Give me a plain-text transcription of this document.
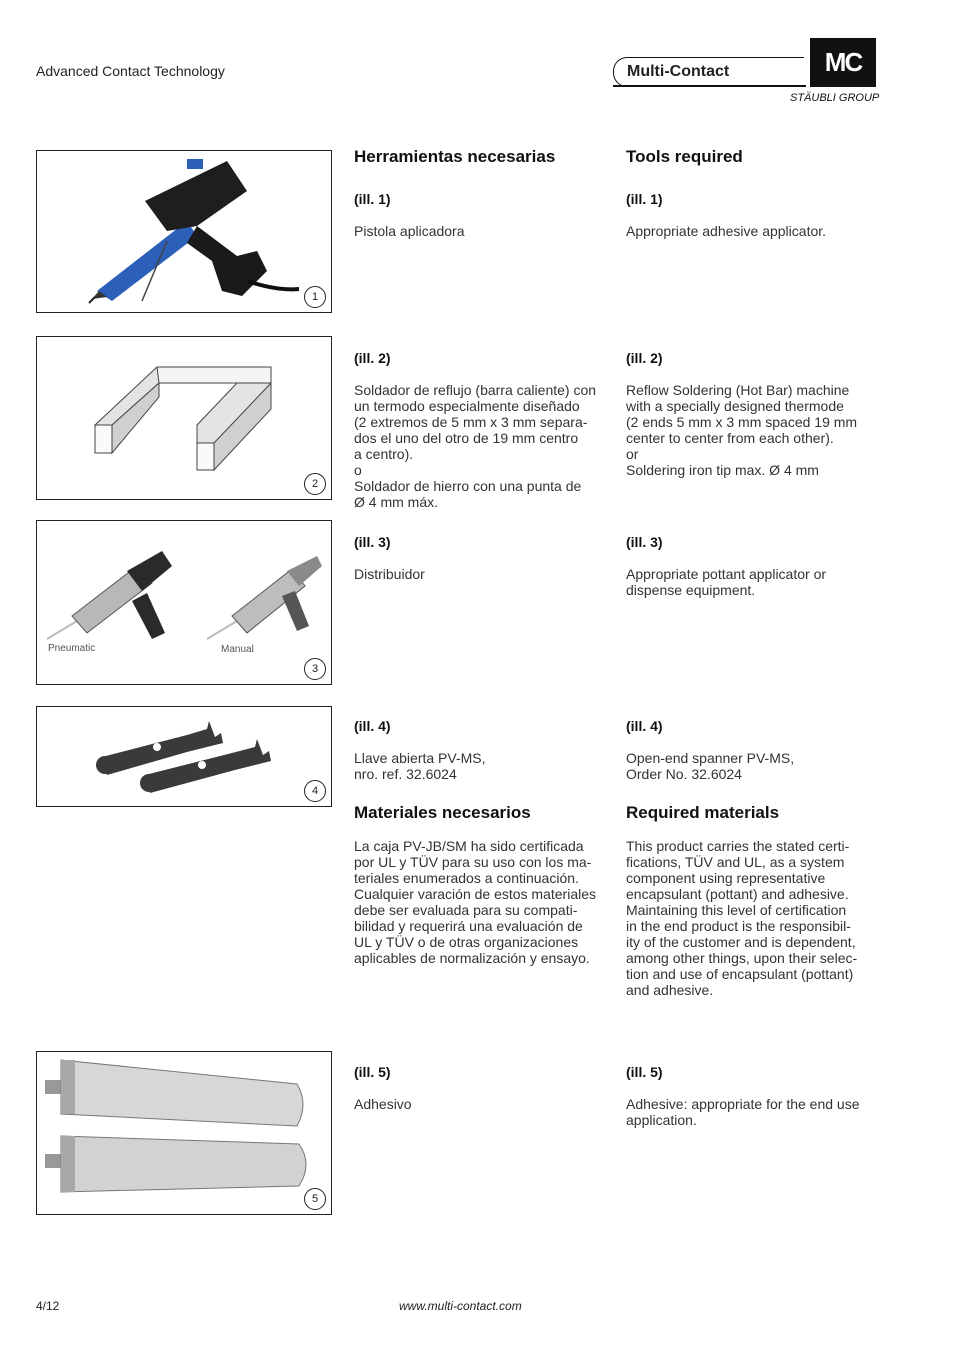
Advanced Contact Technology	Multi-Contact	MC
STÄUBLI GROUP
1
2
Pneumatic	Manual
3
4
5
Herramientas necesarias

(ill. 1)

Pistola aplicadora

(ill. 2)

Soldador de reflujo (barra caliente) con
un termodo especialmente diseñado
(2 extremos de 5 mm x 3 mm separa-
dos el uno del otro de 19 mm centro
a centro).
o
Soldador de hierro con una punta de
Ø 4 mm máx.

(ill. 3)

Distribuidor

(ill. 4)

Llave abierta PV-MS,
nro. ref. 32.6024

Materiales necesarios
La caja PV-JB/SM ha sido certificada
por UL y TÜV para su uso con los ma-
teriales enumerados a continuación.
Cualquier varación de estos materiales
debe ser evaluada para su compati-
bilidad y requerirá una evaluación de
UL y TÜV o de otras organizaciones
aplicables de normalización y ensayo.

(ill. 5)

Adhesivo

Tools required

(ill. 1)

Appropriate adhesive applicator.

(ill. 2)

Reflow Soldering (Hot Bar) machine
with a specially designed thermode
(2 ends 5 mm x 3 mm spaced 19 mm
center to center from each other).
or
Soldering iron tip max. Ø 4 mm

(ill. 3)

Appropriate pottant applicator or
dispense equipment.

(ill. 4)

Open-end spanner PV-MS,
Order No. 32.6024

Required materials
This product carries the stated certi-
fications, TÜV and UL, as a system
component using representative
encapsulant (pottant) and adhesive.
Maintaining this level of certification
in the end product is the responsibil-
ity of the customer and is dependent,
among other things, upon their selec-
tion and use of encapsulant (pottant)
and adhesive.

(ill. 5)

Adhesive: appropriate for the end use
application.

4/12	www.multi-contact.com
